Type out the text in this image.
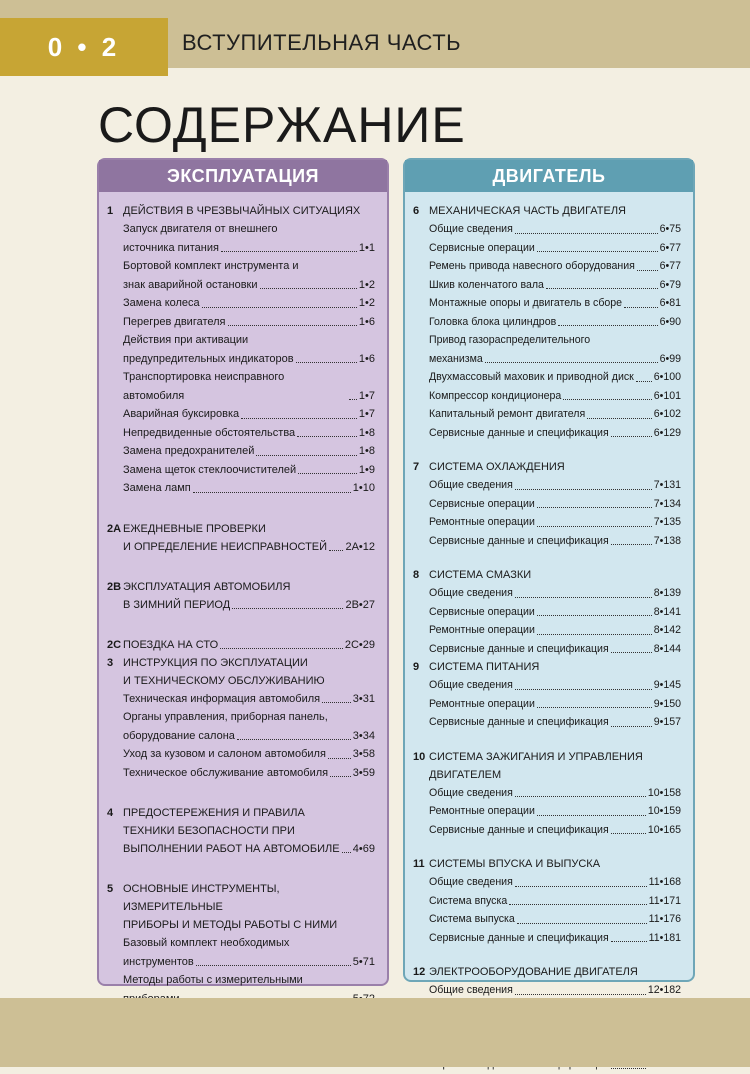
0 • 2	ВСТУПИТЕЛЬНАЯ ЧАСТЬ
СОДЕРЖАНИЕ
ЭКСПЛУАТАЦИЯ
1 ДЕЙСТВИЯ В ЧРЕЗВЫЧАЙНЫХ СИТУАЦИЯХ
Запуск двигателя от внешнего
источника питания	1•1
Бортовой комплект инструмента и
знак аварийной остановки	1•2
Замена колеса	1•2
Перегрев двигателя	1•6
Действия при активации
предупредительных индикаторов	1•6
Транспортировка неисправного автомобиля	1•7
Аварийная буксировка	1•7
Непредвиденные обстоятельства	1•8
Замена предохранителей	1•8
Замена щеток стеклоочистителей	1•9
Замена ламп	1•10
2A ЕЖЕДНЕВНЫЕ ПРОВЕРКИ
И ОПРЕДЕЛЕНИЕ НЕИСПРАВНОСТЕЙ 2A•12
2B ЭКСПЛУАТАЦИЯ АВТОМОБИЛЯ
В ЗИМНИЙ ПЕРИОД	2B•27
2C ПОЕЗДКА НА СТО	2C•29
3 ИНСТРУКЦИЯ ПО ЭКСПЛУАТАЦИИ
И ТЕХНИЧЕСКОМУ ОБСЛУЖИВАНИЮ
Техническая информация автомобиля	3•31
Органы управления, приборная панель,
оборудование салона	3•34
Уход за кузовом и салоном автомобиля 3•58
Техническое обслуживание автомобиля 3•59
4 ПРЕДОСТЕРЕЖЕНИЯ И ПРАВИЛА
ТЕХНИКИ БЕЗОПАСНОСТИ ПРИ
ВЫПОЛНЕНИИ РАБОТ НА АВТОМОБИЛЕ 4•69
5 ОСНОВНЫЕ ИНСТРУМЕНТЫ, ИЗМЕРИТЕЛЬНЫЕ
ПРИБОРЫ И МЕТОДЫ РАБОТЫ С НИМИ
Базовый комплект необходимых
инструментов	5•71
Методы работы с измерительными
ДВИГАТЕЛЬ
6 МЕХАНИЧЕСКАЯ ЧАСТЬ ДВИГАТЕЛЯ
Общие сведения	6•75
Сервисные операции	6•77
Ремень привода навесного оборудования 6•77
Шкив коленчатого вала	6•79
Монтажные опоры и двигатель в сборе	6•81
Головка блока цилиндров	6•90
Привод газораспределительного
механизма	6•99
Двухмассовый маховик и приводной диск 6•100
Компрессор кондиционера	6•101
Капитальный ремонт двигателя	6•102
Сервисные данные и спецификация	6•129
7 СИСТЕМА ОХЛАЖДЕНИЯ
Общие сведения	7•131
Сервисные операции	7•134
Ремонтные операции	7•135
Сервисные данные и спецификация	7•138
8 СИСТЕМА СМАЗКИ
Общие сведения	8•139
Сервисные операции	8•141
Ремонтные операции	8•142
Сервисные данные и спецификация	8•144
9 СИСТЕМА ПИТАНИЯ
Общие сведения	9•145
Ремонтные операции	9•150
Сервисные данные и спецификация	9•157
10 СИСТЕМА ЗАЖИГАНИЯ И УПРАВЛЕНИЯ
ДВИГАТЕЛЕМ
Общие сведения	10•158
Ремонтные операции	10•159
Сервисные данные и спецификация	10•165
11 СИСТЕМЫ ВПУСКА И ВЫПУСКА
Общие сведения	11•168
Система впуска	11•171
Система выпуска	11•176
Сервисные данные и спецификация	11•181
12 ЭЛЕКТРООБОРУДОВАНИЕ ДВИГАТЕЛЯ
Общие сведения	12•182
